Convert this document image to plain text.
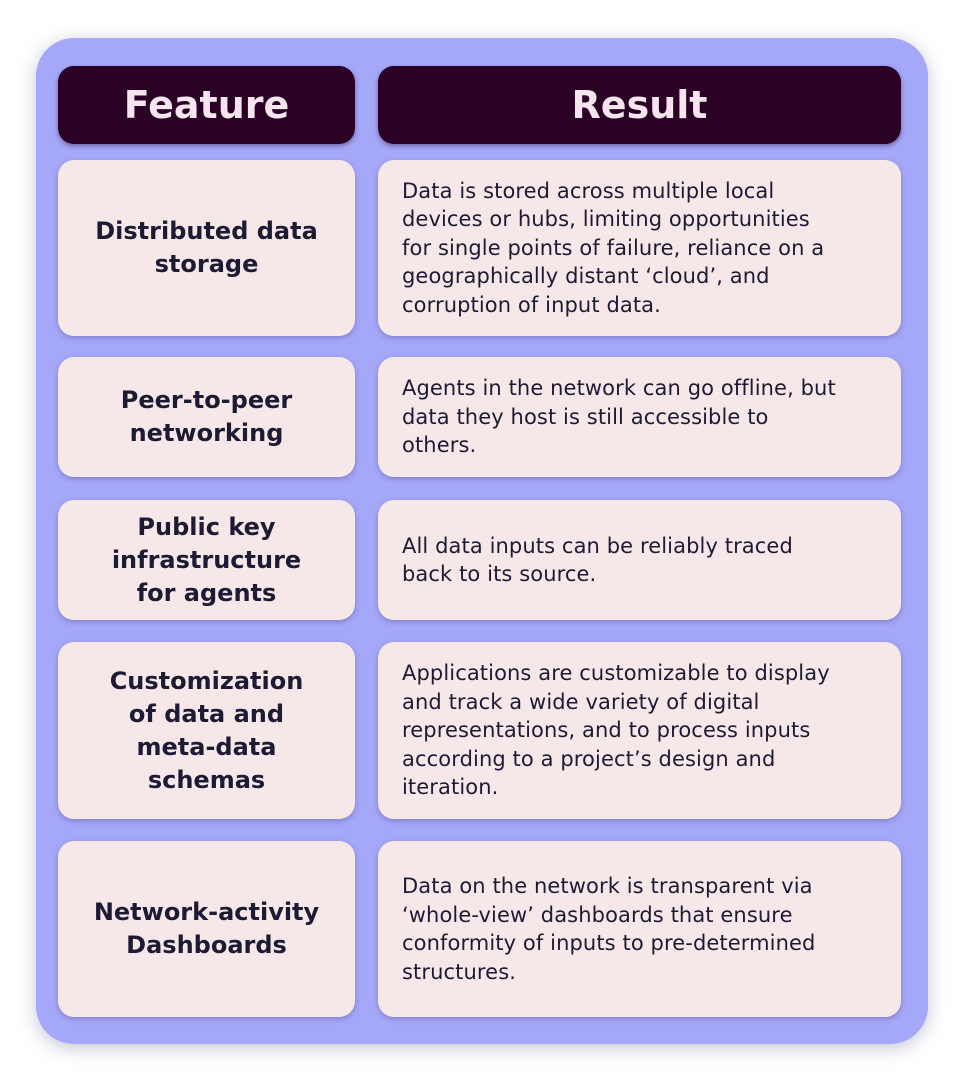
Feature	Result
Distributed data
storage
Data is stored across multiple local
devices or hubs, limiting opportunities
for single points of failure, reliance on a
geographically distant ‘cloud’, and
corruption of input data.
Peer-to-peer
networking
Agents in the network can go offline, but
data they host is still accessible to
others.
Public key
infrastructure
for agents
All data inputs can be reliably traced
back to its source.
Customization
of data and
meta-data
schemas
Applications are customizable to display
and track a wide variety of digital
representations, and to process inputs
according to a project’s design and
iteration.
Network-activity
Dashboards
Data on the network is transparent via
‘whole-view’ dashboards that ensure
conformity of inputs to pre-determined
structures.
